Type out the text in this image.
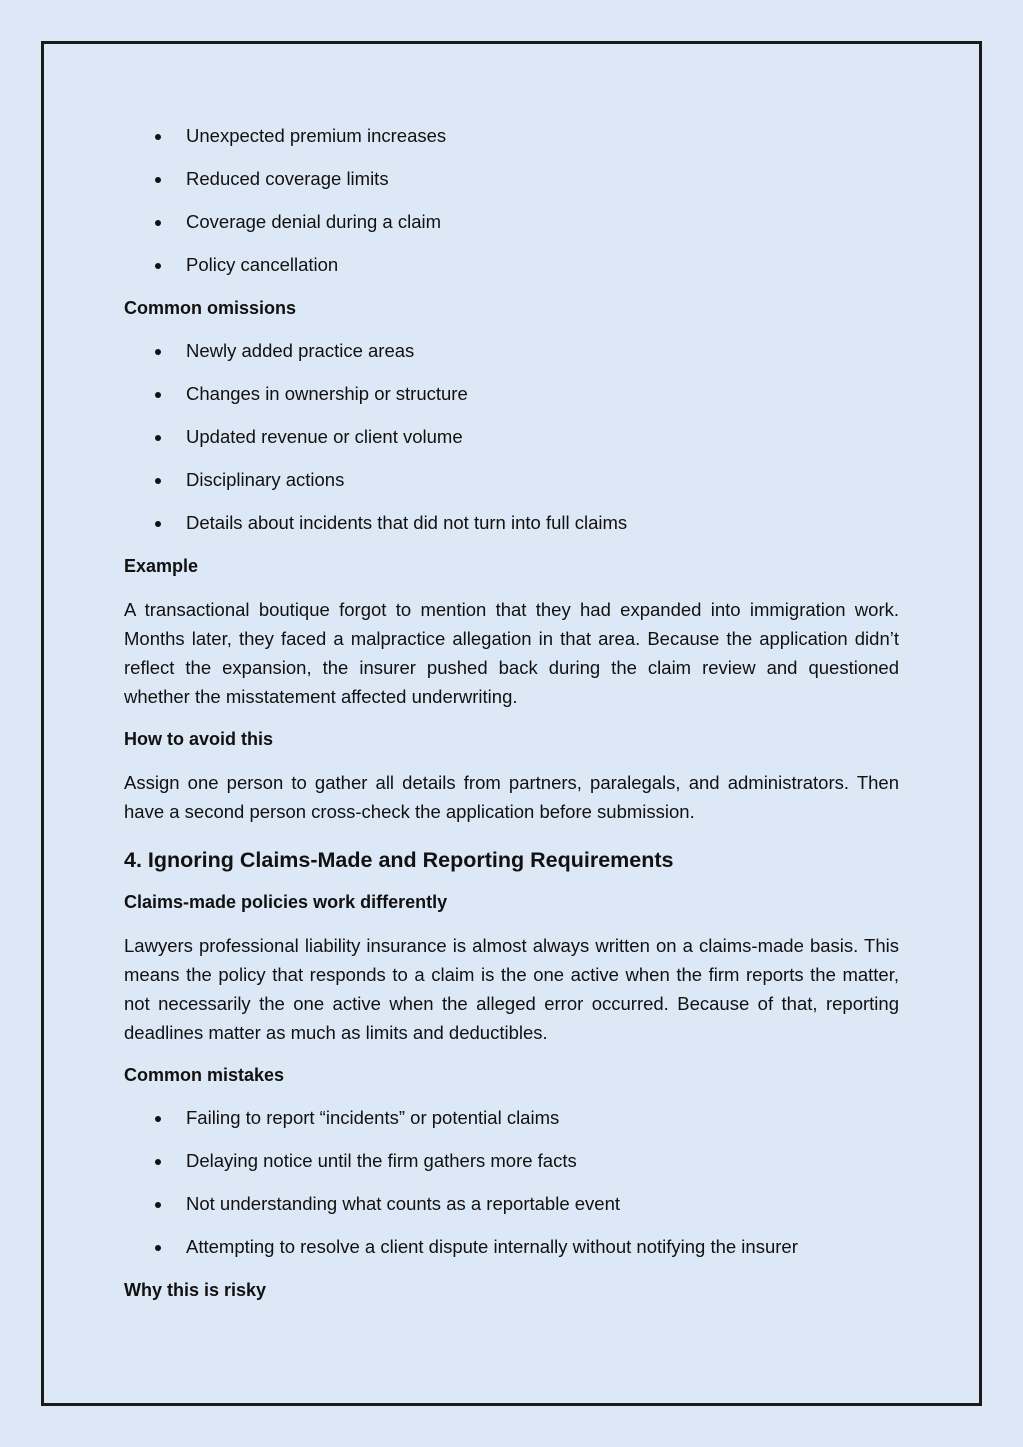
Unexpected premium increases
Reduced coverage limits
Coverage denial during a claim
Policy cancellation
Common omissions
Newly added practice areas
Changes in ownership or structure
Updated revenue or client volume
Disciplinary actions
Details about incidents that did not turn into full claims
Example

A transactional boutique forgot to mention that they had expanded into immigration work. Months later, they faced a malpractice allegation in that area. Because the application didn’t reflect the expansion, the insurer pushed back during the claim review and questioned whether the misstatement affected underwriting.

How to avoid this

Assign one person to gather all details from partners, paralegals, and administrators. Then have a second person cross-check the application before submission.

4. Ignoring Claims-Made and Reporting Requirements
Claims-made policies work differently

Lawyers professional liability insurance is almost always written on a claims-made basis. This means the policy that responds to a claim is the one active when the firm reports the matter, not necessarily the one active when the alleged error occurred. Because of that, reporting deadlines matter as much as limits and deductibles.

Common mistakes
Failing to report “incidents” or potential claims
Delaying notice until the firm gathers more facts
Not understanding what counts as a reportable event
Attempting to resolve a client dispute internally without notifying the insurer
Why this is risky
